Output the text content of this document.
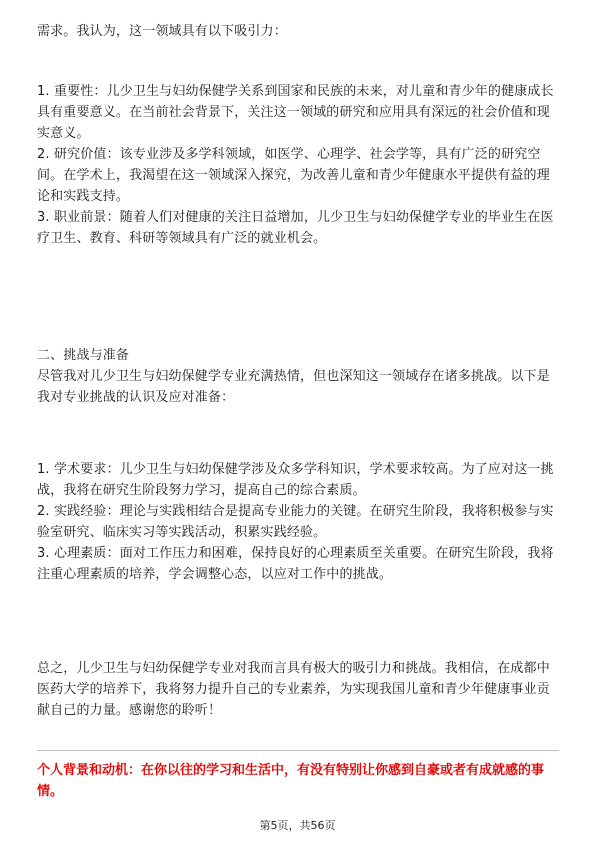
需求。我认为，这一领域具有以下吸引力：

1. 重要性：儿少卫生与妇幼保健学关系到国家和民族的未来，对儿童和青少年的健康成长具有重要意义。在当前社会背景下，关注这一领域的研究和应用具有深远的社会价值和现实意义。

2. 研究价值：该专业涉及多学科领域，如医学、心理学、社会学等，具有广泛的研究空间。在学术上，我渴望在这一领域深入探究，为改善儿童和青少年健康水平提供有益的理论和实践支持。

3. 职业前景：随着人们对健康的关注日益增加，儿少卫生与妇幼保健学专业的毕业生在医疗卫生、教育、科研等领域具有广泛的就业机会。

二、挑战与准备

尽管我对儿少卫生与妇幼保健学专业充满热情，但也深知这一领域存在诸多挑战。以下是我对专业挑战的认识及应对准备：

1. 学术要求：儿少卫生与妇幼保健学涉及众多学科知识，学术要求较高。为了应对这一挑战，我将在研究生阶段努力学习，提高自己的综合素质。

2. 实践经验：理论与实践相结合是提高专业能力的关键。在研究生阶段，我将积极参与实验室研究、临床实习等实践活动，积累实践经验。

3. 心理素质：面对工作压力和困难，保持良好的心理素质至关重要。在研究生阶段，我将注重心理素质的培养，学会调整心态，以应对工作中的挑战。

总之，儿少卫生与妇幼保健学专业对我而言具有极大的吸引力和挑战。我相信，在成都中医药大学的培养下，我将努力提升自己的专业素养，为实现我国儿童和青少年健康事业贡献自己的力量。感谢您的聆听！

个人背景和动机：在你以往的学习和生活中，有没有特别让你感到自豪或者有成就感的事情。

第5页，共56页
